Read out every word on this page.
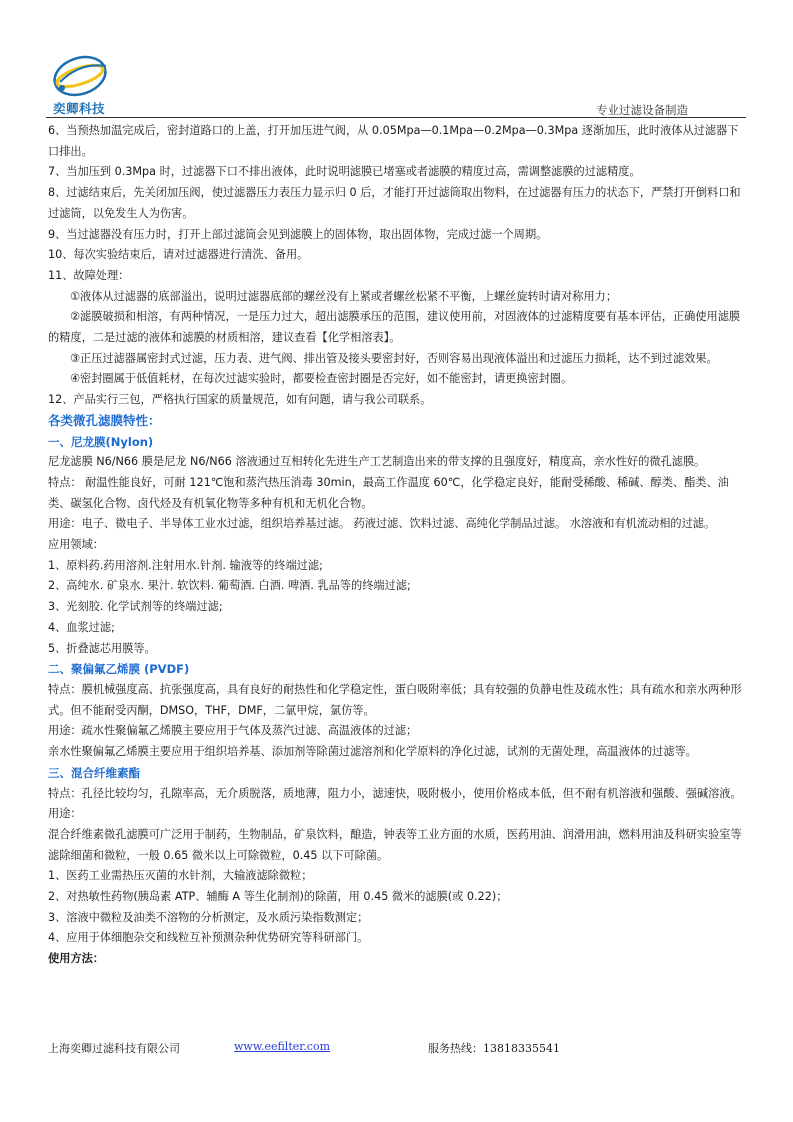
奕卿科技	专业过滤设备制造

6、当预热加温完成后，密封道路口的上盖，打开加压进气阀，从 0.05Mpa—0.1Mpa—0.2Mpa—0.3Mpa 逐渐加压，此时液体从过滤器下口排出。

7、当加压到 0.3Mpa 时，过滤器下口不排出液体，此时说明滤膜已堵塞或者滤膜的精度过高，需调整滤膜的过滤精度。

8、过滤结束后，先关闭加压阀，使过滤器压力表压力显示归 0 后，才能打开过滤筒取出物料，在过滤器有压力的状态下，严禁打开倒料口和过滤筒，以免发生人为伤害。

9、当过滤器没有压力时，打开上部过滤筒会见到滤膜上的固体物，取出固体物，完成过滤一个周期。

10、每次实验结束后，请对过滤器进行清洗、备用。

11、故障处理：

①液体从过滤器的底部溢出，说明过滤器底部的螺丝没有上紧或者螺丝松紧不平衡，上螺丝旋转时请对称用力；

②滤膜破损和相溶，有两种情况，一是压力过大，超出滤膜承压的范围，建议使用前，对固液体的过滤精度要有基本评估，正确使用滤膜的精度，二是过滤的液体和滤膜的材质相溶，建议查看【化学相溶表】。

③正压过滤器属密封式过滤，压力表、进气阀、排出管及接头要密封好，否则容易出现液体溢出和过滤压力损耗，达不到过滤效果。

④密封圈属于低值耗材，在每次过滤实验时，都要检查密封圈是否完好，如不能密封，请更换密封圈。

12、产品实行三包，严格执行国家的质量规范，如有问题，请与我公司联系。

各类微孔滤膜特性：

一、尼龙膜(Nylon)

尼龙滤膜 N6/N66 膜是尼龙 N6/N66 溶液通过互相转化先进生产工艺制造出来的带支撑的且强度好，精度高，亲水性好的微孔滤膜。

特点： 耐温性能良好，可耐 121℃饱和蒸汽热压消毒 30min，最高工作温度 60℃，化学稳定良好，能耐受稀酸、稀碱、醇类、酯类、油类、碳氢化合物、卤代烃及有机氧化物等多种有机和无机化合物。

用途：电子、微电子、半导体工业水过滤，组织培养基过滤。 药液过滤、饮料过滤、高纯化学制品过滤。 水溶液和有机流动相的过滤。

应用领域：

1、原料药.药用溶剂.注射用水.针剂. 输液等的终端过滤;

2、高纯水. 矿泉水. 果汁. 软饮料. 葡萄酒. 白酒. 啤酒. 乳品等的终端过滤;

3、光刻胶. 化学试剂等的终端过滤;

4、血浆过滤;

5、折叠滤芯用膜等。

二、聚偏氟乙烯膜 (PVDF)

特点：膜机械强度高、抗张强度高，具有良好的耐热性和化学稳定性，蛋白吸附率低；具有较强的负静电性及疏水性；具有疏水和亲水两种形式。但不能耐受丙酮，DMSO，THF，DMF，二氯甲烷，氯仿等。

用途：疏水性聚偏氟乙烯膜主要应用于气体及蒸汽过滤、高温液体的过滤；

亲水性聚偏氟乙烯膜主要应用于组织培养基、添加剂等除菌过滤溶剂和化学原料的净化过滤，试剂的无菌处理，高温液体的过滤等。

三、混合纤维素酯

特点：孔径比较均匀，孔隙率高，无介质脱落，质地薄，阻力小，滤速快，吸附极小，使用价格成本低，但不耐有机溶液和强酸、强碱溶液。

用途：

混合纤维素微孔滤膜可广泛用于制药，生物制品，矿泉饮料，酿造，钟表等工业方面的水质，医药用油、润滑用油，燃料用油及科研实验室等滤除细菌和微粒，一般 0.65 微米以上可除微粒，0.45 以下可除菌。

1、医药工业需热压灭菌的水针剂，大输液滤除微粒；

2、对热敏性药物(胰岛素 ATP、辅酶 A 等生化制剂)的除菌，用 0.45 微米的滤膜(或 0.22)；

3、溶液中微粒及油类不溶物的分析测定，及水质污染指数测定；

4、应用于体细胞杂交和线粒互补预测杂种优势研究等科研部门。

使用方法：

上海奕卿过滤科技有限公司	www.eefilter.com	服务热线：13818335541
